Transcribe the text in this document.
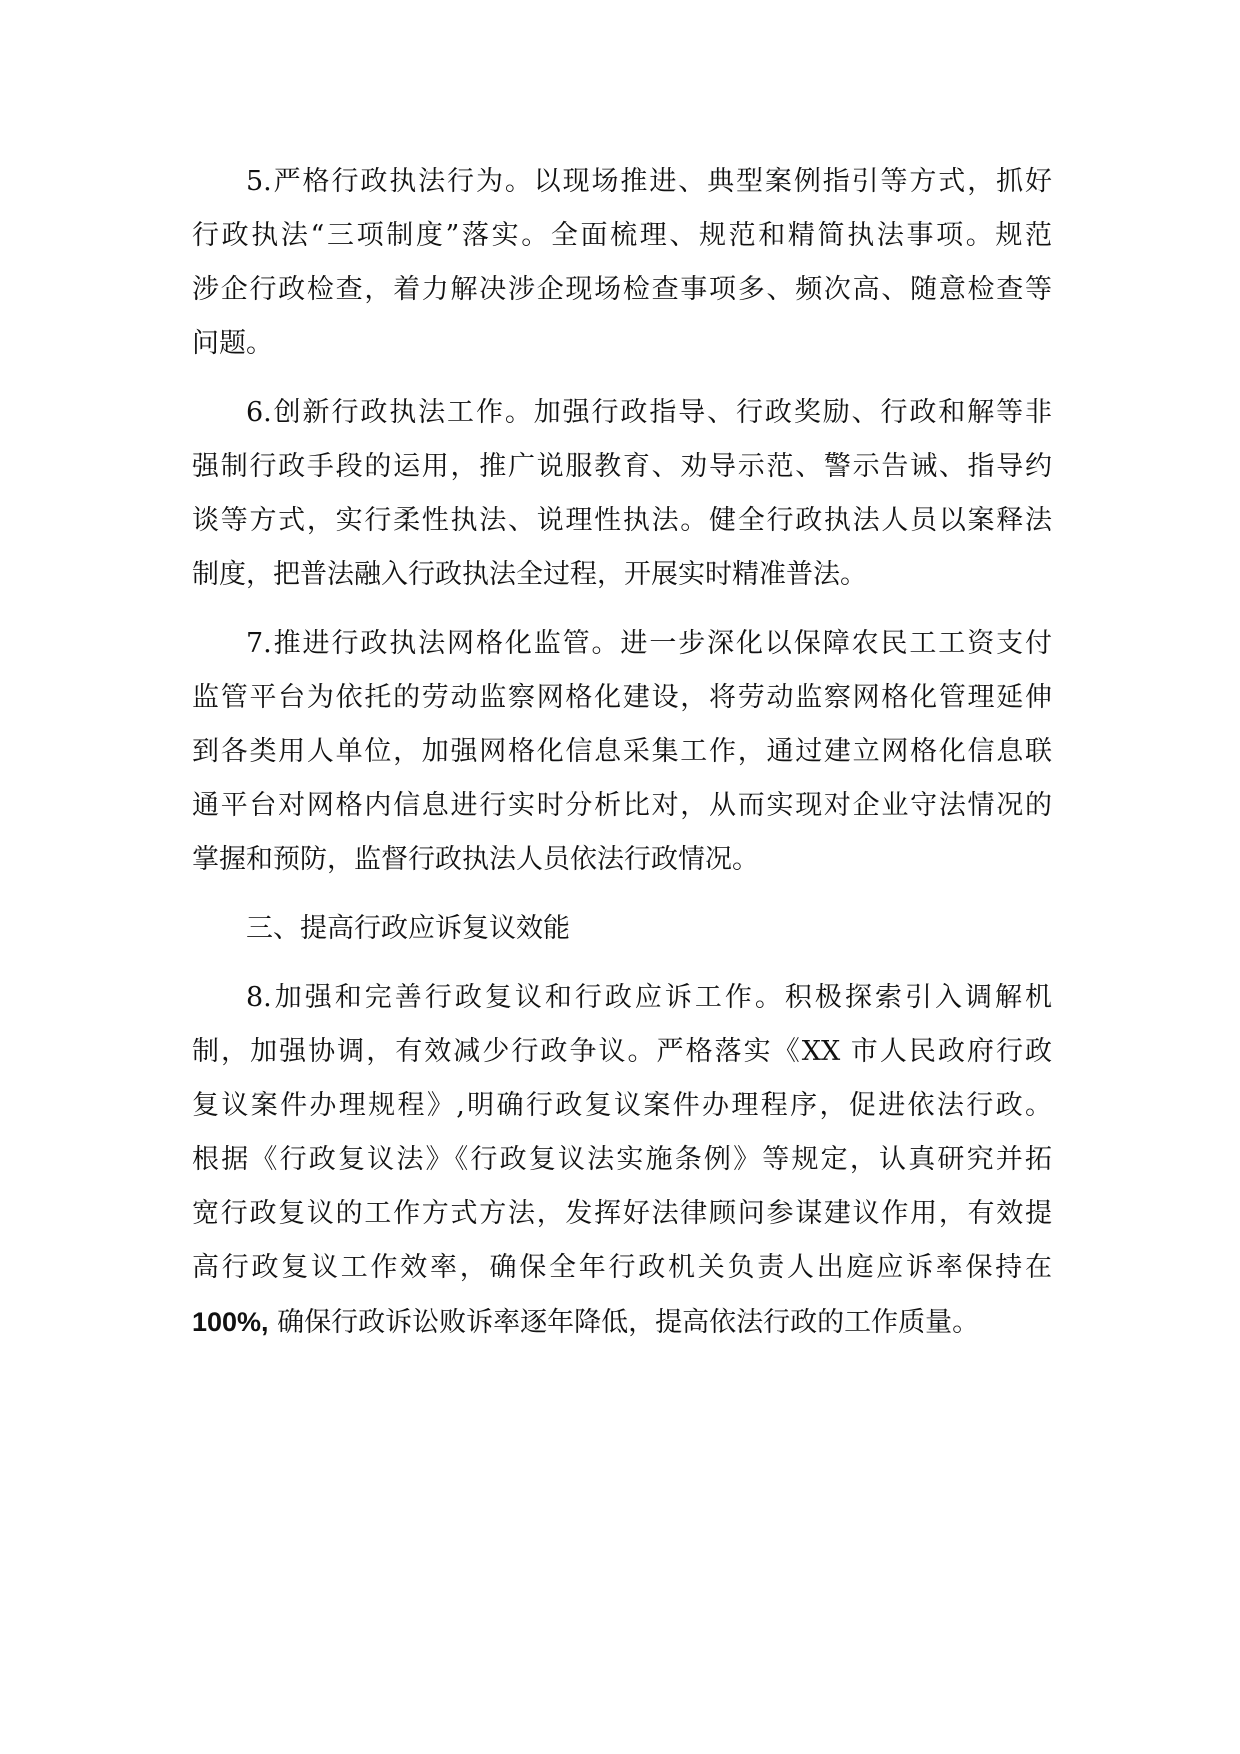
5.严格行政执法行为。以现场推进、典型案例指引等方式，抓好
行政执法“三项制度”落实。全面梳理、规范和精简执法事项。规范
涉企行政检查，着力解决涉企现场检查事项多、频次高、随意检查等
问题。
6.创新行政执法工作。加强行政指导、行政奖励、行政和解等非
强制行政手段的运用，推广说服教育、劝导示范、警示告诫、指导约
谈等方式，实行柔性执法、说理性执法。健全行政执法人员以案释法
制度，把普法融入行政执法全过程，开展实时精准普法。
7.推进行政执法网格化监管。进一步深化以保障农民工工资支付
监管平台为依托的劳动监察网格化建设，将劳动监察网格化管理延伸
到各类用人单位，加强网格化信息采集工作，通过建立网格化信息联
通平台对网格内信息进行实时分析比对，从而实现对企业守法情况的
掌握和预防，监督行政执法人员依法行政情况。
三、提高行政应诉复议效能
8.加强和完善行政复议和行政应诉工作。积极探索引入调解机
制，加强协调，有效减少行政争议。严格落实《XX 市人民政府行政
复议案件办理规程》,明确行政复议案件办理程序，促进依法行政。
根据《行政复议法》《行政复议法实施条例》等规定，认真研究并拓
宽行政复议的工作方式方法，发挥好法律顾问参谋建议作用，有效提
高行政复议工作效率，确保全年行政机关负责人出庭应诉率保持在
100%, 确保行政诉讼败诉率逐年降低，提高依法行政的工作质量。
